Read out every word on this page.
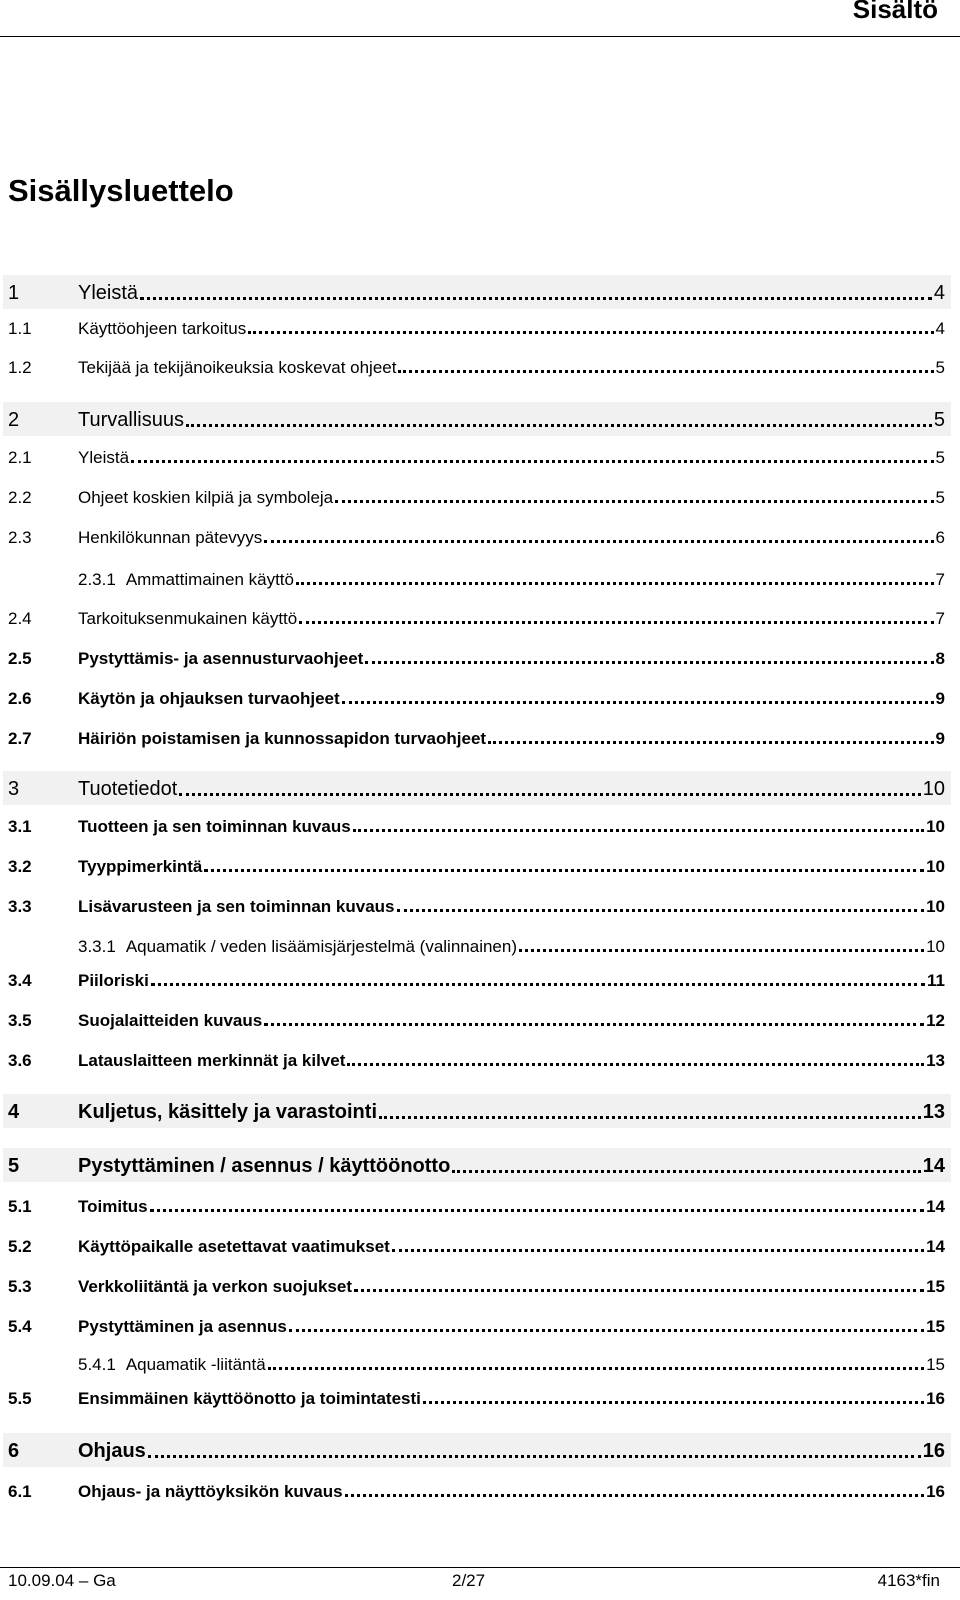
Sisältö
Sisällysluettelo
1	Yleistä	4
1.1	Käyttöohjeen tarkoitus	4
1.2	Tekijää ja tekijänoikeuksia koskevat ohjeet	5
2	Turvallisuus	5
2.1	Yleistä	5
2.2	Ohjeet koskien kilpiä ja symboleja	5
2.3	Henkilökunnan pätevyys	6
2.3.1 Ammattimainen käyttö	7
2.4	Tarkoituksenmukainen käyttö	7
2.5	Pystyttämis- ja asennusturvaohjeet	8
2.6	Käytön ja ohjauksen turvaohjeet	9
2.7	Häiriön poistamisen ja kunnossapidon turvaohjeet	9
3	Tuotetiedot	10
3.1	Tuotteen ja sen toiminnan kuvaus	10
3.2	Tyyppimerkintä	10
3.3	Lisävarusteen ja sen toiminnan kuvaus	10
3.3.1 Aquamatik / veden lisäämisjärjestelmä (valinnainen)	10
3.4	Piiloriski	11
3.5	Suojalaitteiden kuvaus	12
3.6	Latauslaitteen merkinnät ja kilvet	13
4	Kuljetus, käsittely ja varastointi	13
5	Pystyttäminen / asennus / käyttöönotto	14
5.1	Toimitus	14
5.2	Käyttöpaikalle asetettavat vaatimukset	14
5.3	Verkkoliitäntä ja verkon suojukset	15
5.4	Pystyttäminen ja asennus	15
5.4.1 Aquamatik -liitäntä	15
5.5	Ensimmäinen käyttöönotto ja toimintatesti	16
6	Ohjaus	16
6.1	Ohjaus- ja näyttöyksikön kuvaus	16
10.09.04 – Ga	2/27	4163*fin
